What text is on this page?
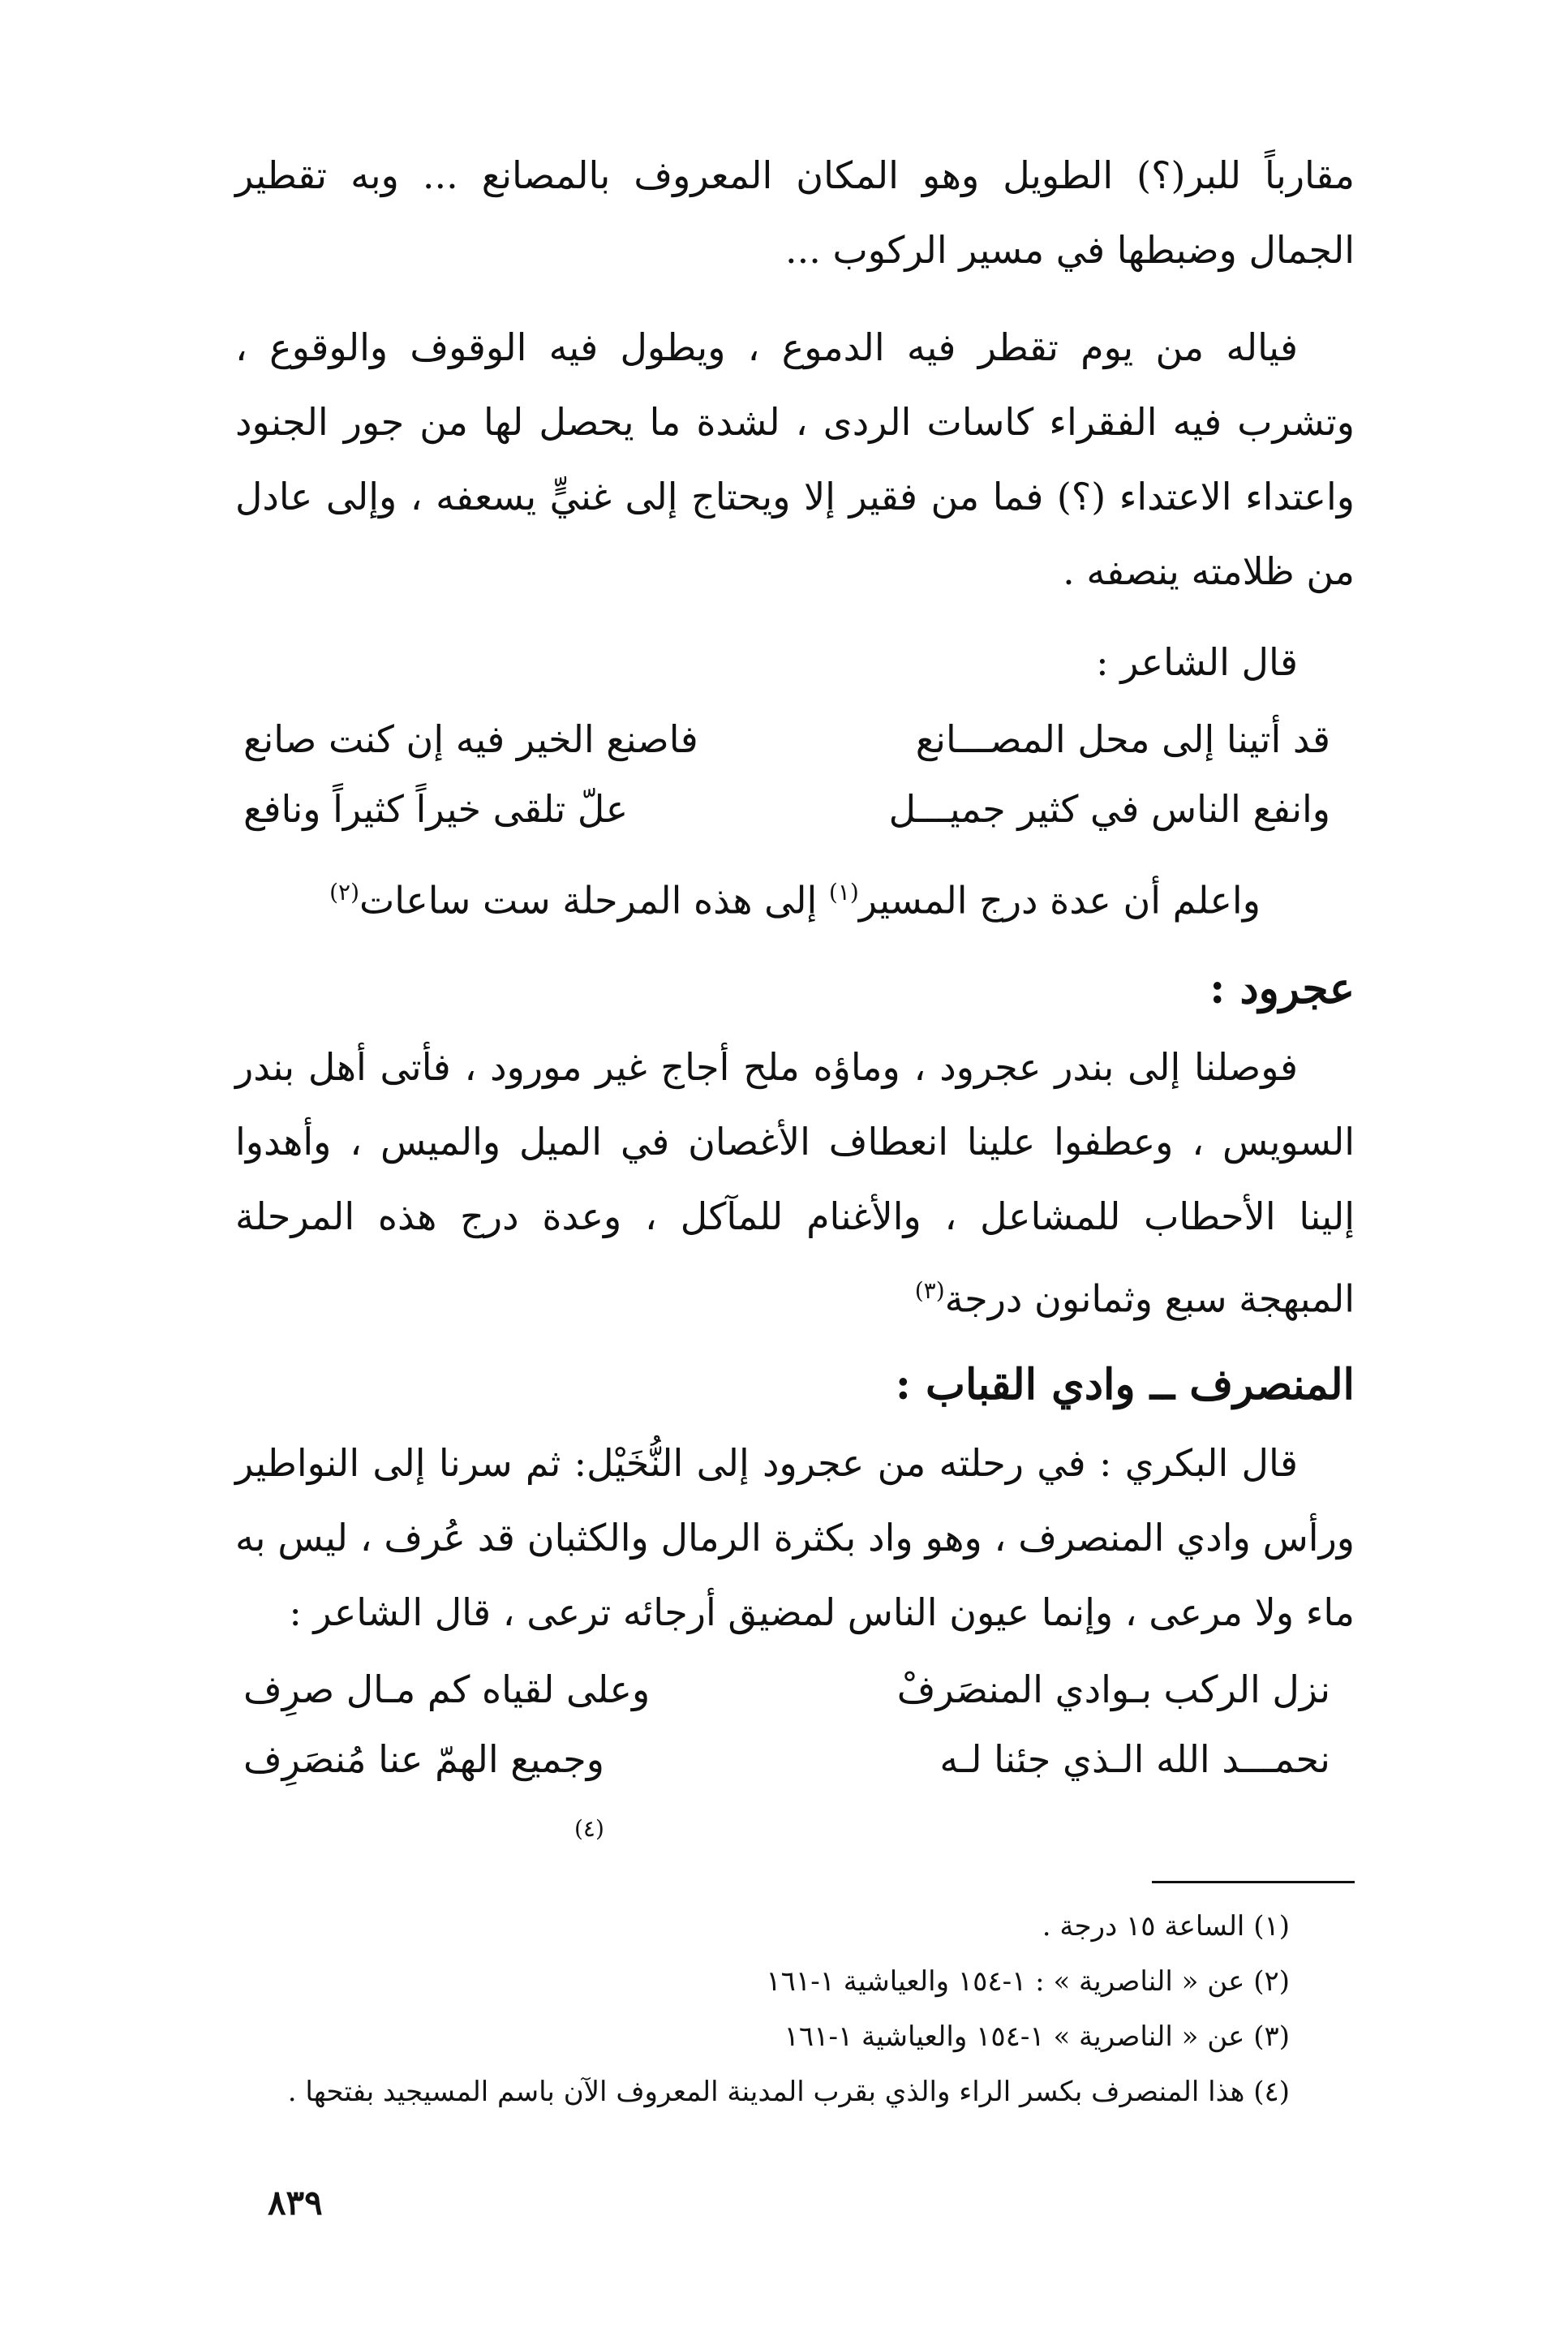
مقارباً للبر(؟) الطويل وهو المكان المعروف بالمصانع ... وبه تقطير الجمال وضبطها في مسير الركوب ...

فياله من يوم تقطر فيه الدموع ، ويطول فيه الوقوف والوقوع ، وتشرب فيه الفقراء كاسات الردى ، لشدة ما يحصل لها من جور الجنود واعتداء الاعتداء (؟) فما من فقير إلا ويحتاج إلى غنيٍّ يسعفه ، وإلى عادل من ظلامته ينصفه .

قال الشاعر :

قد أتينا إلى محل المصـــانع
فاصنع الخير فيه إن كنت صانع
وانفع الناس في كثير جميـــل
علّ تلقى خيراً كثيراً ونافع

واعلم أن عدة درج المسير$^{(١)}$ إلى هذه المرحلة ست ساعات$^{(٢)}$

عجرود :

فوصلنا إلى بندر عجرود ، وماؤه ملح أجاج غير مورود ، فأتى أهل بندر السويس ، وعطفوا علينا انعطاف الأغصان في الميل والميس ، وأهدوا إلينا الأحطاب للمشاعل ، والأغنام للمآكل ، وعدة درج هذه المرحلة المبهجة سبع وثمانون درجة$^{(٣)}$

المنصرف ــ وادي القباب :

قال البكري : في رحلته من عجرود إلى النُّخَيْل: ثم سرنا إلى النواطير ورأس وادي المنصرف ، وهو واد بكثرة الرمال والكثبان قد عُرف ، ليس به ماء ولا مرعى ، وإنما عيون الناس لمضيق أرجائه ترعى ، قال الشاعر :

نزل الركب بـوادي المنصَرفْ
وعلى لقياه كم مـال صرِف
نحمـــد الله الـذي جئنا لـه
وجميع الهمّ عنا مُنصَرِف
$^{(٤)}$

(١) الساعة ١٥ درجة .

(٢) عن « الناصرية » : ١-١٥٤ والعياشية ١-١٦١

(٣) عن « الناصرية » ١-١٥٤ والعياشية ١-١٦١

(٤) هذا المنصرف بكسر الراء والذي بقرب المدينة المعروف الآن باسم المسيجيد بفتحها .

٨٣٩
